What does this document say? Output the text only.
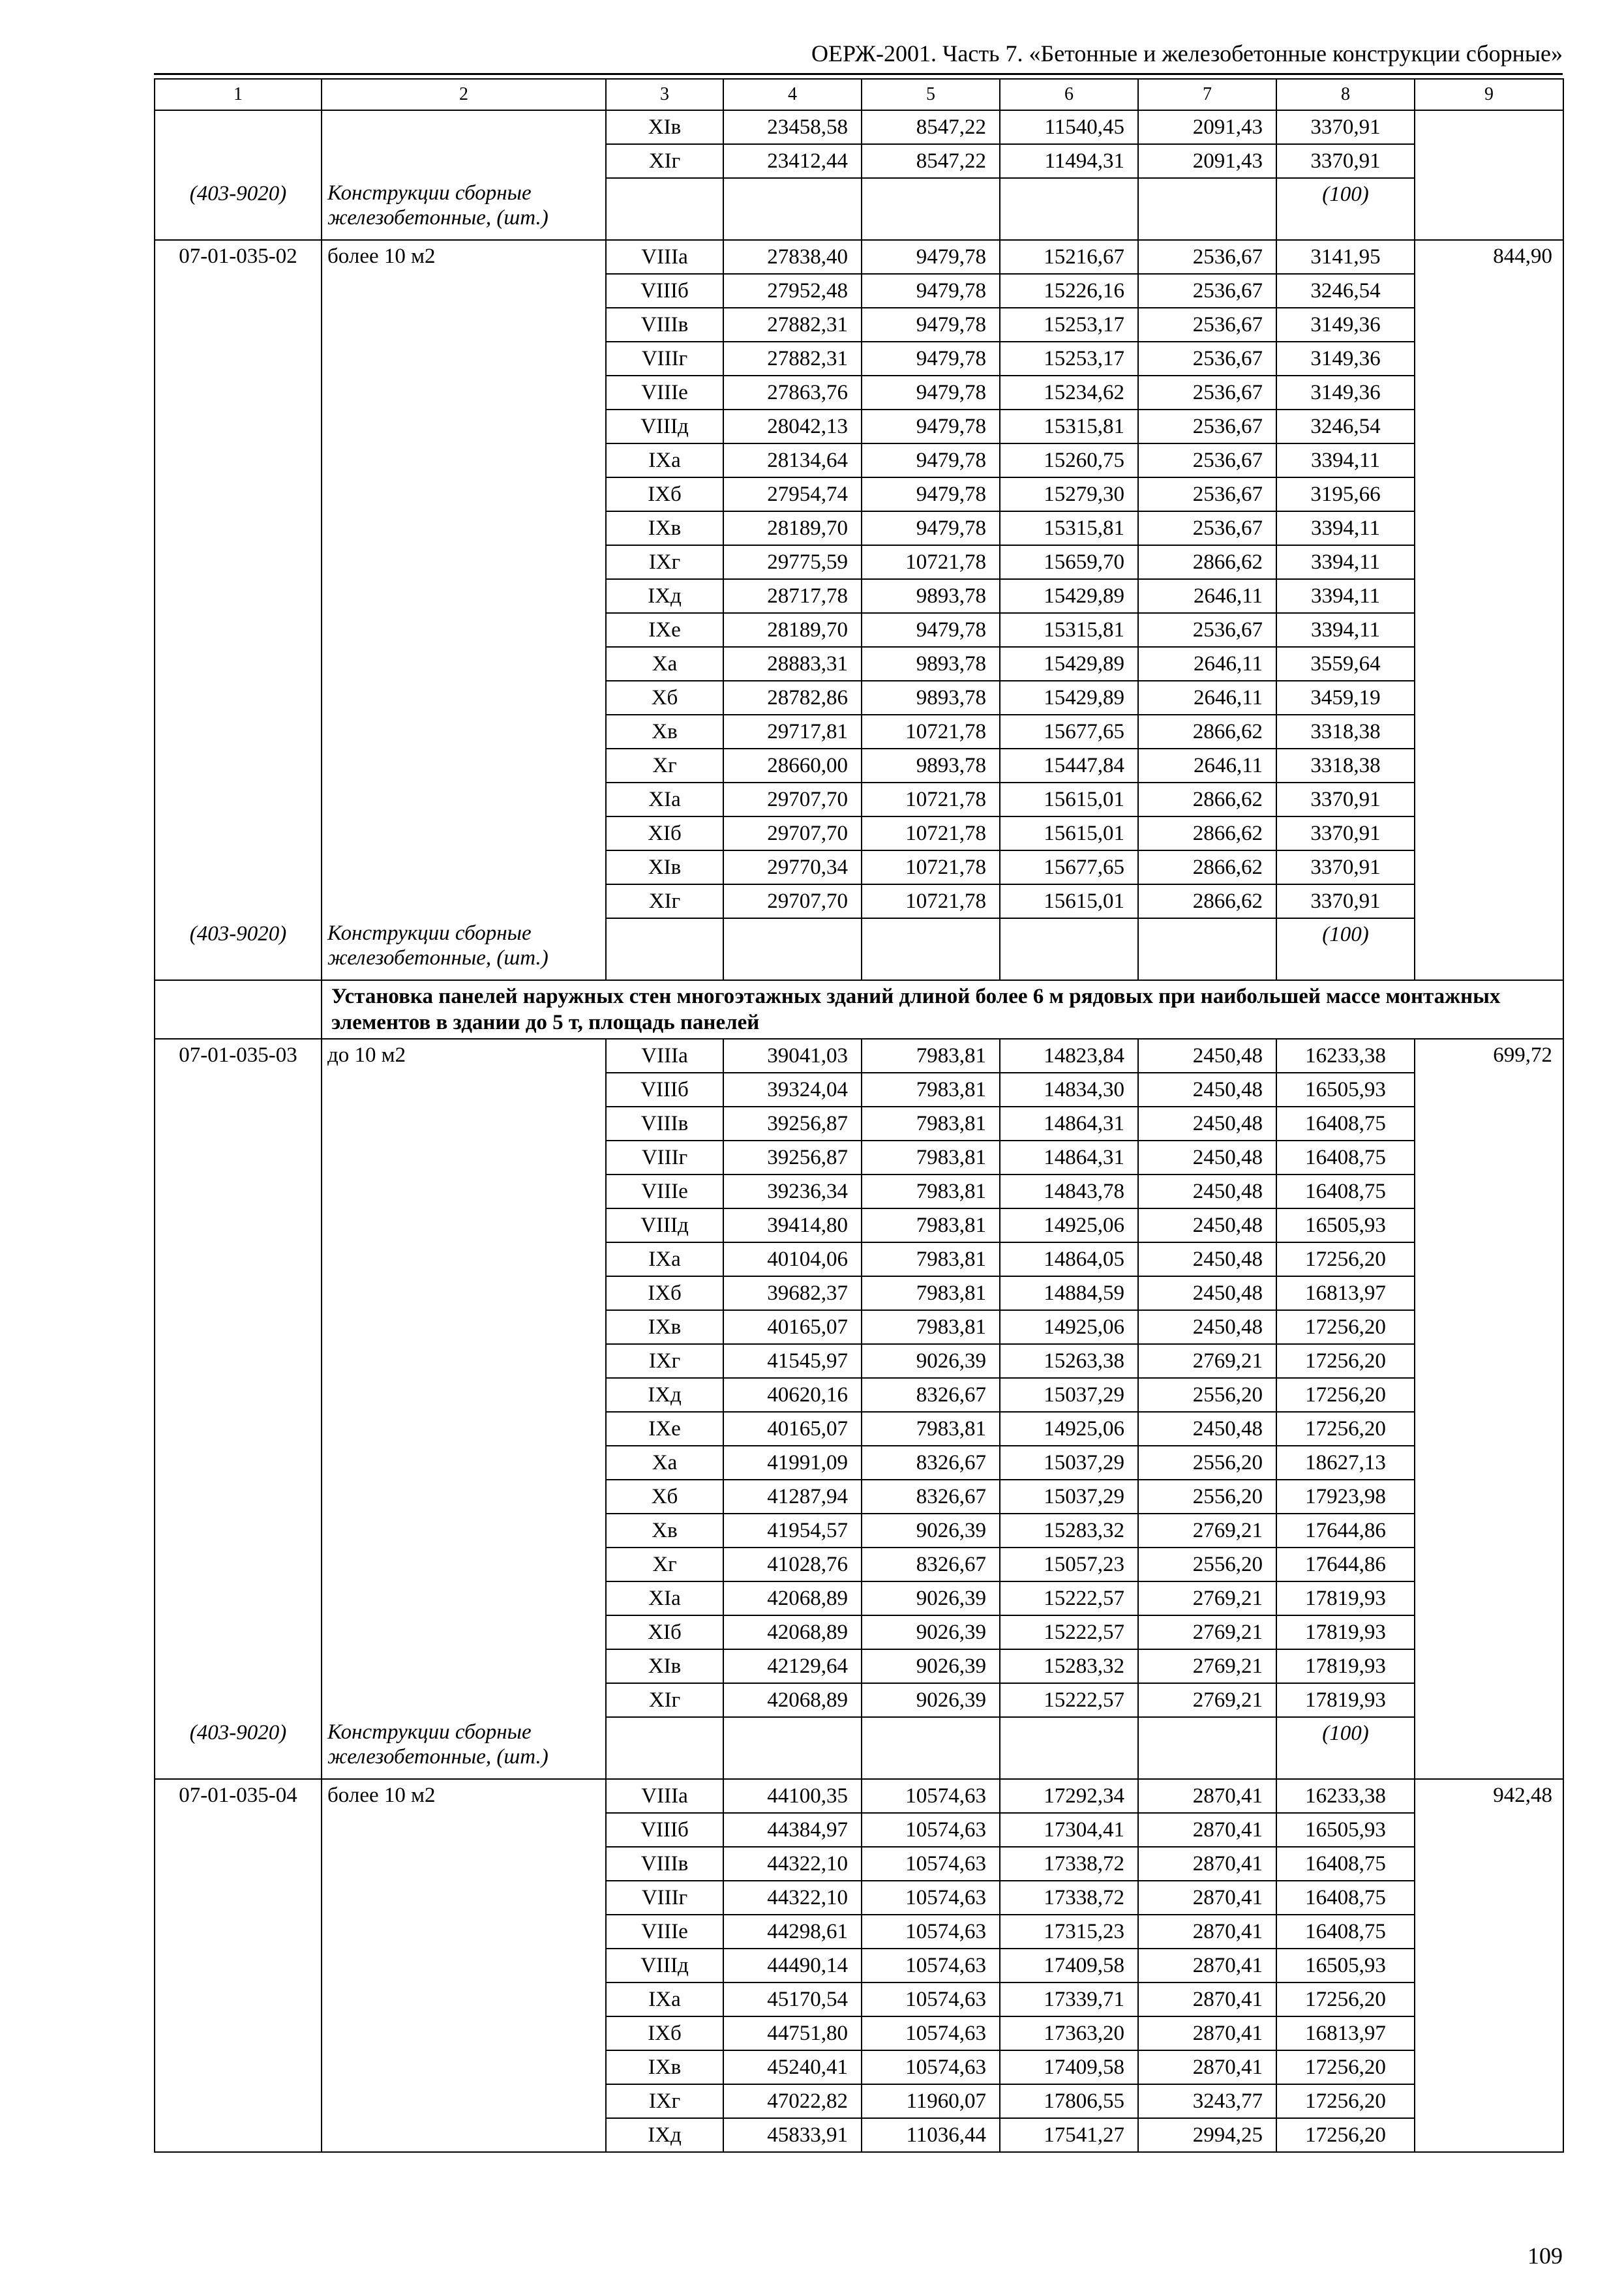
ОЕРЖ-2001. Часть 7. «Бетонные и железобетонные конструкции сборные»
1	2	3	4	5	6	7	8	9
		XIв	23458,58	8547,22	11540,45	2091,43	3370,91	
		XIг	23412,44	8547,22	11494,31	2091,43	3370,91	
(403-9020)	Конструкции сборные железобетонные, (шт.)						(100)	
07-01-035-02	более 10 м2	VIIIа	27838,40	9479,78	15216,67	2536,67	3141,95	844,90
		VIIIб	27952,48	9479,78	15226,16	2536,67	3246,54	
		VIIIв	27882,31	9479,78	15253,17	2536,67	3149,36	
		VIIIг	27882,31	9479,78	15253,17	2536,67	3149,36	
		VIIIе	27863,76	9479,78	15234,62	2536,67	3149,36	
		VIIIд	28042,13	9479,78	15315,81	2536,67	3246,54	
		IXа	28134,64	9479,78	15260,75	2536,67	3394,11	
		IXб	27954,74	9479,78	15279,30	2536,67	3195,66	
		IXв	28189,70	9479,78	15315,81	2536,67	3394,11	
		IXг	29775,59	10721,78	15659,70	2866,62	3394,11	
		IXд	28717,78	9893,78	15429,89	2646,11	3394,11	
		IXе	28189,70	9479,78	15315,81	2536,67	3394,11	
		Xа	28883,31	9893,78	15429,89	2646,11	3559,64	
		Xб	28782,86	9893,78	15429,89	2646,11	3459,19	
		Xв	29717,81	10721,78	15677,65	2866,62	3318,38	
		Xг	28660,00	9893,78	15447,84	2646,11	3318,38	
		XIа	29707,70	10721,78	15615,01	2866,62	3370,91	
		XIб	29707,70	10721,78	15615,01	2866,62	3370,91	
		XIв	29770,34	10721,78	15677,65	2866,62	3370,91	
		XIг	29707,70	10721,78	15615,01	2866,62	3370,91	
(403-9020)	Конструкции сборные железобетонные, (шт.)						(100)	
	Установка панелей наружных стен многоэтажных зданий длиной более 6 м рядовых при наибольшей массе монтажных элементов в здании до 5 т, площадь панелей							
07-01-035-03	до 10 м2	VIIIа	39041,03	7983,81	14823,84	2450,48	16233,38	699,72
		VIIIб	39324,04	7983,81	14834,30	2450,48	16505,93	
		VIIIв	39256,87	7983,81	14864,31	2450,48	16408,75	
		VIIIг	39256,87	7983,81	14864,31	2450,48	16408,75	
		VIIIе	39236,34	7983,81	14843,78	2450,48	16408,75	
		VIIIд	39414,80	7983,81	14925,06	2450,48	16505,93	
		IXа	40104,06	7983,81	14864,05	2450,48	17256,20	
		IXб	39682,37	7983,81	14884,59	2450,48	16813,97	
		IXв	40165,07	7983,81	14925,06	2450,48	17256,20	
		IXг	41545,97	9026,39	15263,38	2769,21	17256,20	
		IXд	40620,16	8326,67	15037,29	2556,20	17256,20	
		IXе	40165,07	7983,81	14925,06	2450,48	17256,20	
		Xа	41991,09	8326,67	15037,29	2556,20	18627,13	
		Xб	41287,94	8326,67	15037,29	2556,20	17923,98	
		Xв	41954,57	9026,39	15283,32	2769,21	17644,86	
		Xг	41028,76	8326,67	15057,23	2556,20	17644,86	
		XIа	42068,89	9026,39	15222,57	2769,21	17819,93	
		XIб	42068,89	9026,39	15222,57	2769,21	17819,93	
		XIв	42129,64	9026,39	15283,32	2769,21	17819,93	
		XIг	42068,89	9026,39	15222,57	2769,21	17819,93	
(403-9020)	Конструкции сборные железобетонные, (шт.)						(100)	
07-01-035-04	более 10 м2	VIIIа	44100,35	10574,63	17292,34	2870,41	16233,38	942,48
		VIIIб	44384,97	10574,63	17304,41	2870,41	16505,93	
		VIIIв	44322,10	10574,63	17338,72	2870,41	16408,75	
		VIIIг	44322,10	10574,63	17338,72	2870,41	16408,75	
		VIIIе	44298,61	10574,63	17315,23	2870,41	16408,75	
		VIIIд	44490,14	10574,63	17409,58	2870,41	16505,93	
		IXа	45170,54	10574,63	17339,71	2870,41	17256,20	
		IXб	44751,80	10574,63	17363,20	2870,41	16813,97	
		IXв	45240,41	10574,63	17409,58	2870,41	17256,20	
		IXг	47022,82	11960,07	17806,55	3243,77	17256,20	
		IXд	45833,91	11036,44	17541,27	2994,25	17256,20	
109
